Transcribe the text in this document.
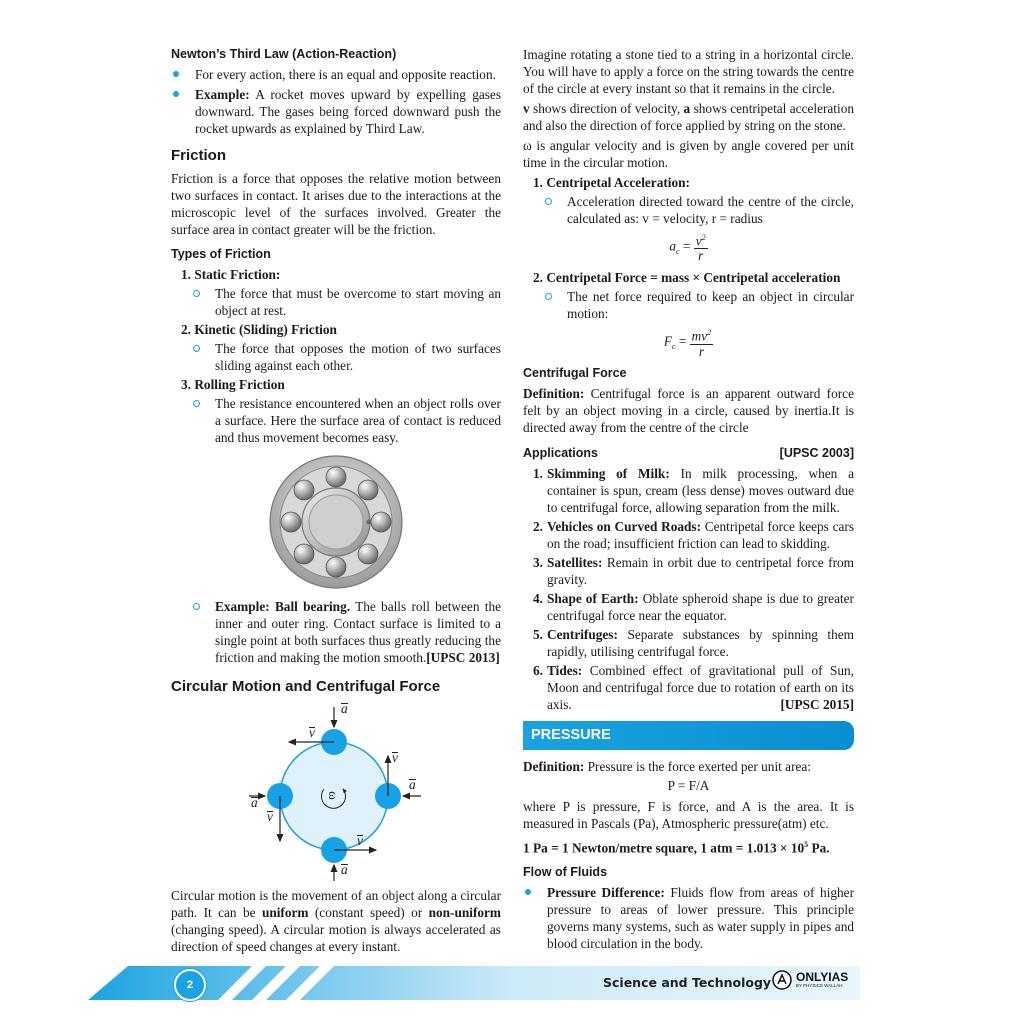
Newton’s Third Law (Action-Reaction)

For every action, there is an equal and opposite reaction.

Example: A rocket moves upward by expelling gases downward. The gases being forced downward push the rocket upwards as explained by Third Law.

Friction

Friction is a force that opposes the relative motion between two surfaces in contact. It arises due to the interactions at the microscopic level of the surfaces involved. Greater the surface area in contact greater will be the friction.

Types of Friction
1. Static Friction:

The force that must be overcome to start moving an object at rest.

2. Kinetic (Sliding) Friction

The force that opposes the motion of two surfaces sliding against each other.

3. Rolling Friction

The resistance encountered when an object rolls over a surface. Here the surface area of contact is reduced and thus movement becomes easy.

Example: Ball bearing. The balls roll between the inner and outer ring. Contact surface is limited to a single point at both surfaces thus greatly reducing the friction and making the motion smooth.[UPSC 2013]

Circular Motion and Centrifugal Force
ω
a
v
a
v
a
v
a
v

Circular motion is the movement of an object along a circular path. It can be uniform (constant speed) or non-uniform (changing speed). A circular motion is always accelerated as direction of speed changes at every instant.

Imagine rotating a stone tied to a string in a horizontal circle. You will have to apply a force on the string towards the centre of the circle at every instant so that it remains in the circle.

v shows direction of velocity, a shows centripetal acceleration and also the direction of force applied by string on the stone.

ω is angular velocity and is given by angle covered per unit time in the circular motion.

1. Centripetal Acceleration:

Acceleration directed toward the centre of the circle, calculated as: v = velocity, r = radius

$a_c = \frac{v^2}{r}$
2. Centripetal Force = mass × Centripetal acceleration

The net force required to keep an object in circular motion:

$F_c = \frac{mv^2}{r}$
Centrifugal Force

Definition: Centrifugal force is an apparent outward force felt by an object moving in a circle, caused by inertia.It is directed away from the centre of the circle

Applications	[UPSC 2003]

1. Skimming of Milk: In milk processing, when a container is spun, cream (less dense) moves outward due to centrifugal force, allowing separation from the milk.

2. Vehicles on Curved Roads: Centripetal force keeps cars on the road; insufficient friction can lead to skidding.

3. Satellites: Remain in orbit due to centripetal force from gravity.

4. Shape of Earth: Oblate spheroid shape is due to greater centrifugal force near the equator.

5. Centrifuges: Separate substances by spinning them rapidly, utilising centrifugal force.

6. Tides: Combined effect of gravitational pull of Sun, Moon and centrifugal force due to rotation of earth on its axis.	[UPSC 2015]
PRESSURE

Definition: Pressure is the force exerted per unit area:

P = F/A

where P is pressure, F is force, and A is the area. It is measured in Pascals (Pa), Atmospheric pressure(atm) etc.

1 Pa = 1 Newton/metre square, 1 atm = $1.013 \times 10^5$ Pa.

Flow of Fluids

Pressure Difference: Fluids flow from areas of higher pressure to areas of lower pressure. This principle governs many systems, such as water supply in pipes and blood circulation in the body.

2	Science and Technology ONLYIAS
BY PHYSICS WALLAH
